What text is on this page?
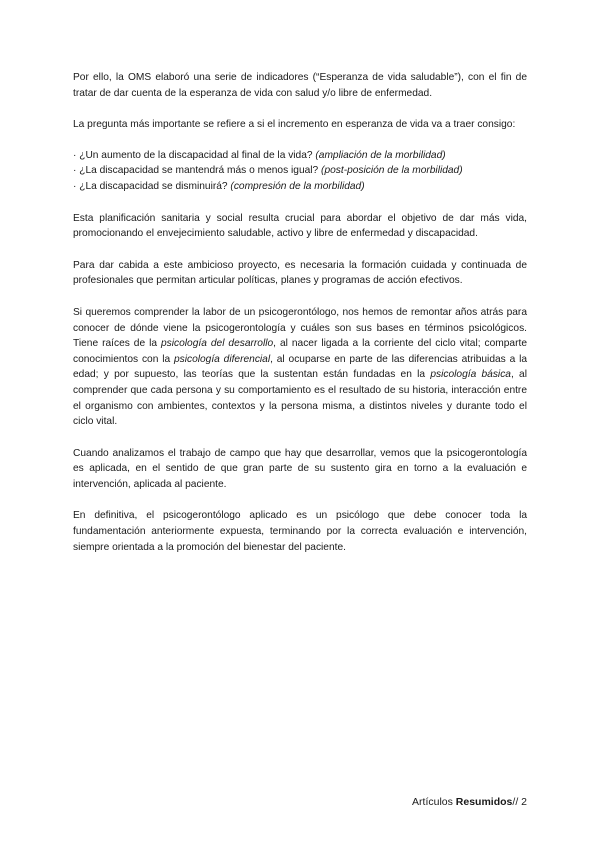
Por ello, la OMS elaboró una serie de indicadores (“Esperanza de vida saludable”), con el fin de tratar de dar cuenta de la esperanza de vida con salud y/o libre de enfermedad.

La pregunta más importante se refiere a si el incremento en esperanza de vida va a traer consigo:

· ¿Un aumento de la discapacidad al final de la vida? (ampliación de la morbilidad)
· ¿La discapacidad se mantendrá más o menos igual? (post-posición de la morbilidad)
· ¿La discapacidad se disminuirá? (compresión de la morbilidad)

Esta planificación sanitaria y social resulta crucial para abordar el objetivo de dar más vida, promocionando el envejecimiento saludable, activo y libre de enfermedad y discapacidad.

Para dar cabida a este ambicioso proyecto, es necesaria la formación cuidada y continuada de profesionales que permitan articular políticas, planes y programas de acción efectivos.

Si queremos comprender la labor de un psicogerontólogo, nos hemos de remontar años atrás para conocer de dónde viene la psicogerontología y cuáles son sus bases en términos psicológicos. Tiene raíces de la psicología del desarrollo, al nacer ligada a la corriente del ciclo vital; comparte conocimientos con la psicología diferencial, al ocuparse en parte de las diferencias atribuidas a la edad; y por supuesto, las teorías que la sustentan están fundadas en la psicología básica, al comprender que cada persona y su comportamiento es el resultado de su historia, interacción entre el organismo con ambientes, contextos y la persona misma, a distintos niveles y durante todo el ciclo vital.

Cuando analizamos el trabajo de campo que hay que desarrollar, vemos que la psicogerontología es aplicada, en el sentido de que gran parte de su sustento gira en torno a la evaluación e intervención, aplicada al paciente.

En definitiva, el psicogerontólogo aplicado es un psicólogo que debe conocer toda la fundamentación anteriormente expuesta, terminando por la correcta evaluación e intervención, siempre orientada a la promoción del bienestar del paciente.

Artículos Resumidos// 2
